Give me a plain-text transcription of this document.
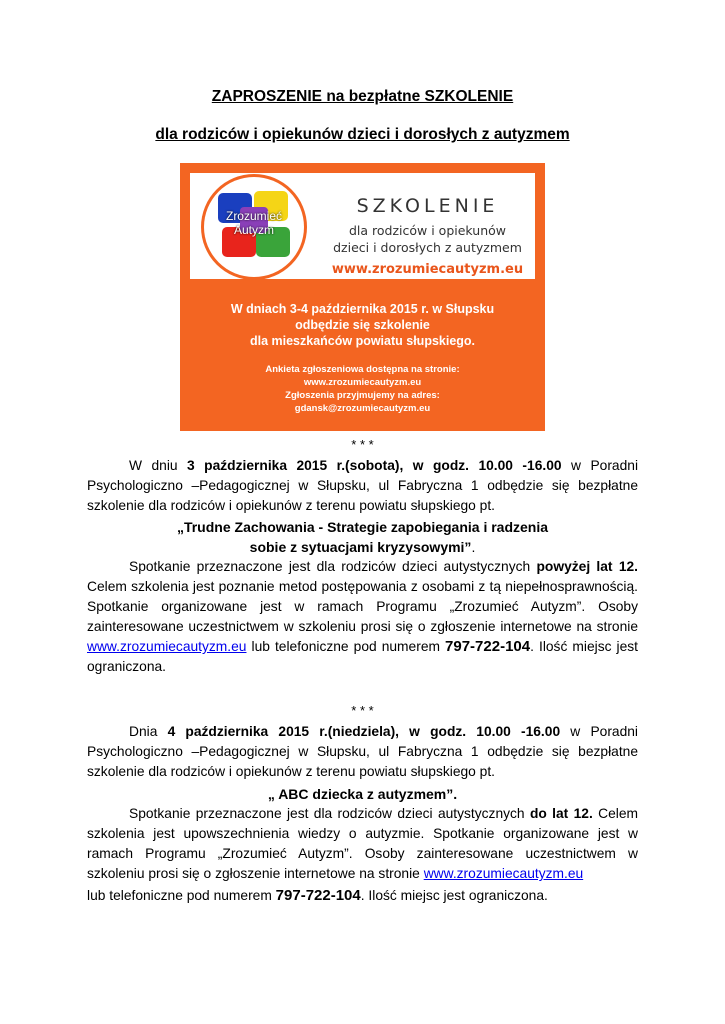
ZAPROSZENIE na bezpłatne SZKOLENIE
dla rodziców i opiekunów dzieci i dorosłych z autyzmem
Zrozumieć
Autyzm
SZKOLENIE
dla rodziców i opiekunów
dzieci i dorosłych z autyzmem
www.zrozumiecautyzm.eu
W dniach 3-4 października 2015 r. w Słupsku
odbędzie się szkolenie
dla mieszkańców powiatu słupskiego.
Ankieta zgłoszeniowa dostępna na stronie:
www.zrozumiecautyzm.eu
Zgłoszenia przyjmujemy na adres:
gdansk@zrozumiecautyzm.eu
* * *
W dniu 3 października 2015 r.(sobota), w godz. 10.00 -16.00 w Poradni Psychologiczno –Pedagogicznej w Słupsku, ul Fabryczna 1 odbędzie się bezpłatne szkolenie dla rodziców i opiekunów z terenu powiatu słupskiego pt.
„Trudne Zachowania - Strategie zapobiegania i radzenia
sobie z sytuacjami kryzysowymi”.
Spotkanie przeznaczone jest dla rodziców dzieci autystycznych powyżej lat 12. Celem szkolenia jest poznanie metod postępowania z osobami z tą niepełnosprawnością. Spotkanie organizowane jest w ramach Programu „Zrozumieć Autyzm”. Osoby zainteresowane uczestnictwem w szkoleniu prosi się o zgłoszenie internetowe na stronie www.zrozumiecautyzm.eu lub telefoniczne pod numerem 797-722-104. Ilość miejsc jest ograniczona.
* * *
Dnia 4 października 2015 r.(niedziela), w godz. 10.00 -16.00 w Poradni Psychologiczno –Pedagogicznej w Słupsku, ul Fabryczna 1 odbędzie się bezpłatne szkolenie dla rodziców i opiekunów z terenu powiatu słupskiego pt.
„ ABC dziecka z autyzmem”.
Spotkanie przeznaczone jest dla rodziców dzieci autystycznych do lat 12. Celem szkolenia jest upowszechnienia wiedzy o autyzmie. Spotkanie organizowane jest w ramach Programu „Zrozumieć Autyzm”. Osoby zainteresowane uczestnictwem w szkoleniu prosi się o zgłoszenie internetowe na stronie www.zrozumiecautyzm.eu
lub telefoniczne pod numerem 797-722-104. Ilość miejsc jest ograniczona.
